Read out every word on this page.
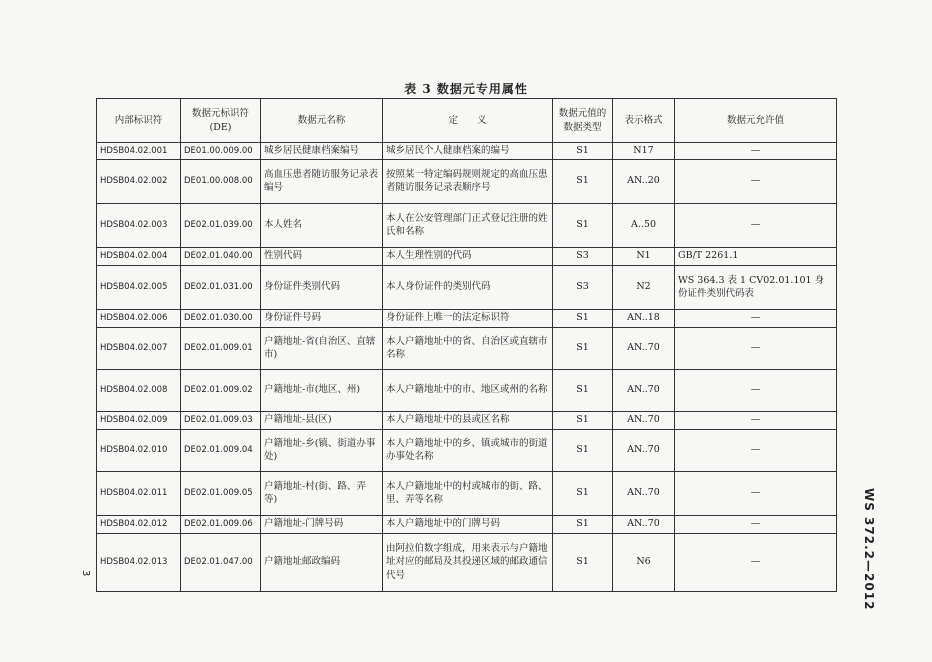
表 3 数据元专用属性
内部标识符	数据元标识符 (DE)	数据元名称	定　　义	数据元值的数据类型	表示格式	数据元允许值
HDSB04.02.001	DE01.00.009.00	城乡居民健康档案编号	城乡居民个人健康档案的编号	S1	N17	—
HDSB04.02.002	DE01.00.008.00	高血压患者随访服务记录表编号	按照某一特定编码规则规定的高血压患者随访服务记录表顺序号	S1	AN..20	—
HDSB04.02.003	DE02.01.039.00	本人姓名	本人在公安管理部门正式登记注册的姓氏和名称	S1	A..50	—
HDSB04.02.004	DE02.01.040.00	性别代码	本人生理性别的代码	S3	N1	GB/T 2261.1
HDSB04.02.005	DE02.01.031.00	身份证件类别代码	本人身份证件的类别代码	S3	N2	WS 364.3 表 1 CV02.01.101 身份证件类别代码表
HDSB04.02.006	DE02.01.030.00	身份证件号码	身份证件上唯一的法定标识符	S1	AN..18	—
HDSB04.02.007	DE02.01.009.01	户籍地址-省(自治区、直辖市)	本人户籍地址中的省、自治区或直辖市名称	S1	AN..70	—
HDSB04.02.008	DE02.01.009.02	户籍地址-市(地区、州)	本人户籍地址中的市、地区或州的名称	S1	AN..70	—
HDSB04.02.009	DE02.01.009.03	户籍地址-县(区)	本人户籍地址中的县或区名称	S1	AN..70	—
HDSB04.02.010	DE02.01.009.04	户籍地址-乡(镇、街道办事处)	本人户籍地址中的乡、镇或城市的街道办事处名称	S1	AN..70	—
HDSB04.02.011	DE02.01.009.05	户籍地址-村(街、路、弄等)	本人户籍地址中的村或城市的街、路、里、弄等名称	S1	AN..70	—
HDSB04.02.012	DE02.01.009.06	户籍地址-门牌号码	本人户籍地址中的门牌号码	S1	AN..70	—
HDSB04.02.013	DE02.01.047.00	户籍地址邮政编码	由阿拉伯数字组成，用来表示与户籍地址对应的邮局及其投递区域的邮政通信代号	S1	N6	—	WS 372.2—2012
3
